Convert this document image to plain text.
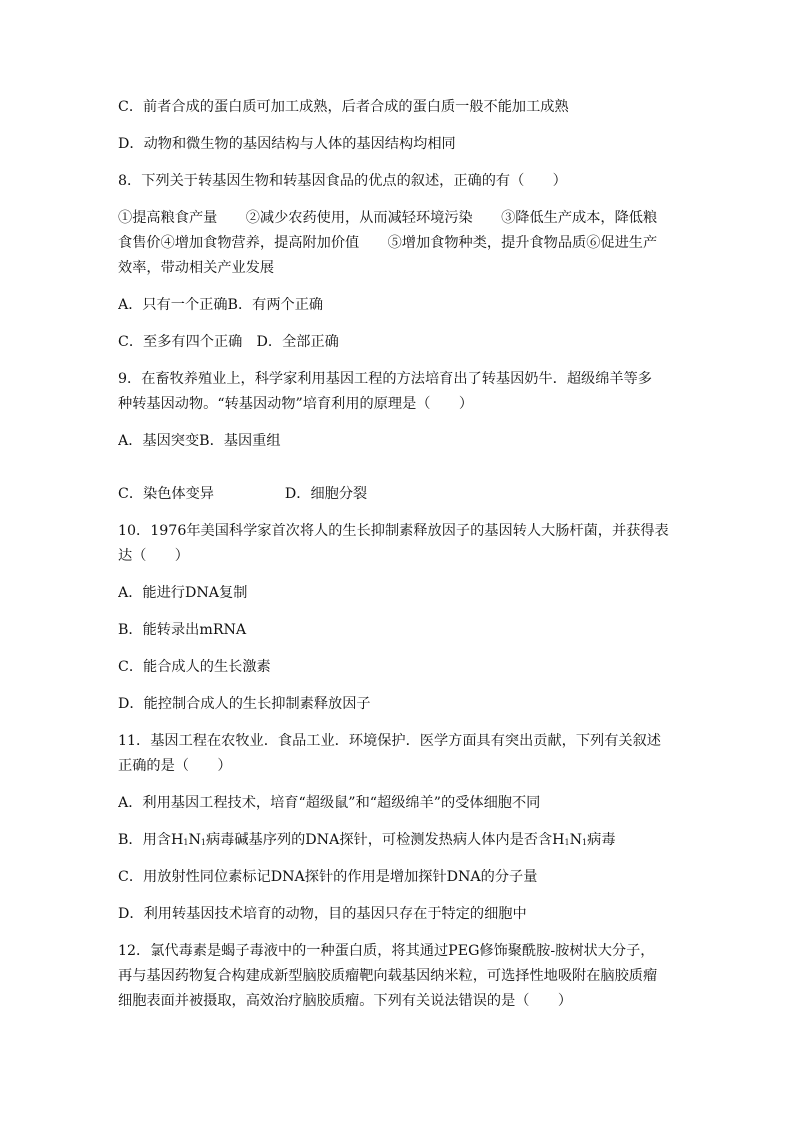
C．前者合成的蛋白质可加工成熟，后者合成的蛋白质一般不能加工成熟
D．动物和微生物的基因结构与人体的基因结构均相同
8．下列关于转基因生物和转基因食品的优点的叙述，正确的有（　　）
①提高粮食产量　　②减少农药使用，从而减轻环境污染　　③降低生产成本，降低粮
食售价④增加食物营养，提高附加价值　　⑤增加食物种类，提升食物品质⑥促进生产
效率，带动相关产业发展
A．只有一个正确B．有两个正确
C．至多有四个正确　D．全部正确
9．在畜牧养殖业上，科学家利用基因工程的方法培育出了转基因奶牛．超级绵羊等多
种转基因动物。“转基因动物”培育利用的原理是（　　）
A．基因突变B．基因重组
C．染色体变异　　　　　D．细胞分裂
10．1976年美国科学家首次将人的生长抑制素释放因子的基因转人大肠杆菌，并获得表
达（　　）
A．能进行DNA复制
B．能转录出mRNA
C．能合成人的生长激素
D．能控制合成人的生长抑制素释放因子
11．基因工程在农牧业．食品工业．环境保护．医学方面具有突出贡献，下列有关叙述
正确的是（　　）
A．利用基因工程技术，培育“超级鼠”和“超级绵羊”的受体细胞不同
B．用含$H_1N_1$病毒碱基序列的DNA探针，可检测发热病人体内是否含$H_1N_1$病毒
C．用放射性同位素标记DNA探针的作用是增加探针DNA的分子量
D．利用转基因技术培育的动物，目的基因只存在于特定的细胞中
12．氯代毒素是蝎子毒液中的一种蛋白质，将其通过PEG修饰聚酰胺-胺树状大分子，
再与基因药物复合构建成新型脑胶质瘤靶向载基因纳米粒，可选择性地吸附在脑胶质瘤
细胞表面并被摄取，高效治疗脑胶质瘤。下列有关说法错误的是（　　）
